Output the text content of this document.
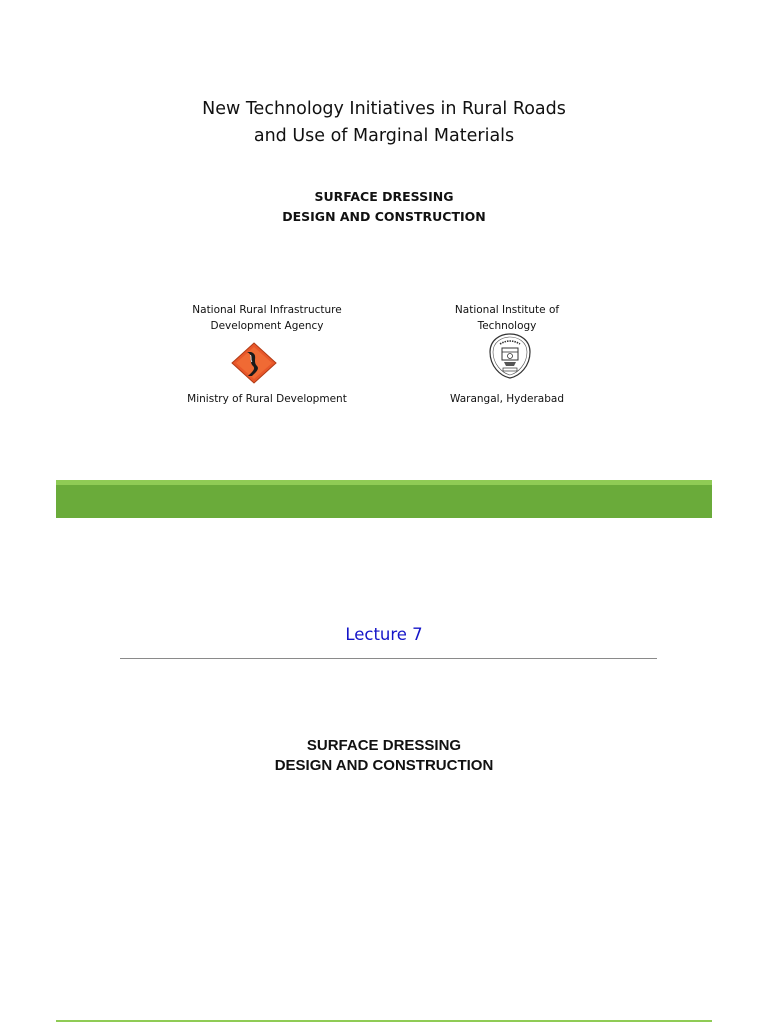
New Technology Initiatives in Rural Roads
and Use of Marginal Materials
SURFACE DRESSING
DESIGN AND CONSTRUCTION
National Rural Infrastructure
Development Agency
National Institute of
Technology
Ministry of Rural Development	Warangal, Hyderabad
Lecture 7
SURFACE DRESSING
DESIGN AND CONSTRUCTION
